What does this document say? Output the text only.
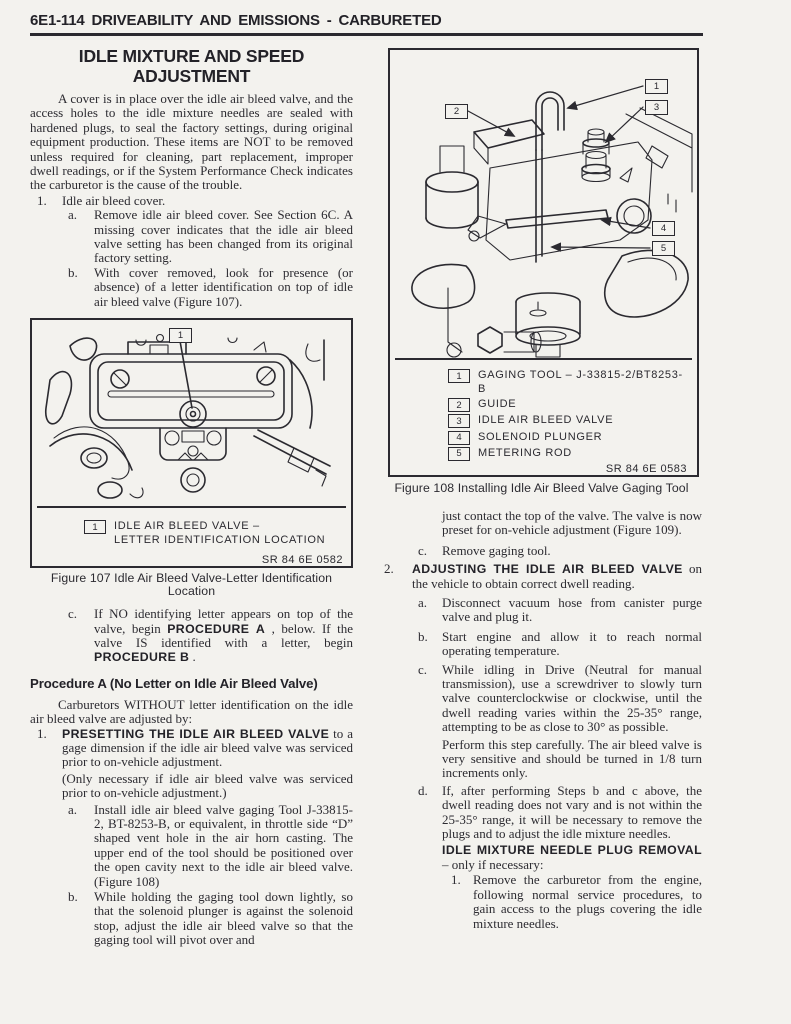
6E1-114 DRIVEABILITY AND EMISSIONS - CARBURETED
IDLE MIXTURE AND SPEED
ADJUSTMENT

A cover is in place over the idle air bleed valve, and the access holes to the idle mixture needles are sealed with hardened plugs, to seal the factory settings, during original equipment production. These items are NOT to be removed unless required for cleaning, part replacement, improper dwell readings, or if the System Performance Check indicates the carburetor is the cause of the trouble.

1. Idle air bleed cover.
a. Remove idle air bleed cover. See Section 6C. A missing cover indicates that the idle air bleed valve setting has been changed from its original factory setting.
b. With cover removed, look for presence (or absence) of a letter identification on top of idle air bleed valve (Figure 107).
1
1	IDLE AIR BLEED VALVE –
LETTER IDENTIFICATION LOCATION
SR 84 6E 0582
Figure 107 Idle Air Bleed Valve-Letter Identification
Location
c. If NO identifying letter appears on top of the valve, begin PROCEDURE A , below. If the valve IS identified with a letter, begin PROCEDURE B .
Procedure A (No Letter on Idle Air Bleed Valve)

Carburetors WITHOUT letter identification on the idle air bleed valve are adjusted by:

1. PRESETTING THE IDLE AIR BLEED VALVE to a gage dimension if the idle air bleed valve was serviced prior to on-vehicle adjustment.

(Only necessary if idle air bleed valve was serviced prior to on-vehicle adjustment.)

a. Install idle air bleed valve gaging Tool J-33815-2, BT-8253-B, or equivalent, in throttle side “D” shaped vent hole in the air horn casting. The upper end of the tool should be positioned over the open cavity next to the idle air bleed valve. (Figure 108)
b. While holding the gaging tool down lightly, so that the solenoid plunger is against the solenoid stop, adjust the idle air bleed valve so that the gaging tool will pivot over and
1
2	3
4
5
1	GAGING TOOL – J-33815-2/BT8253-B
2	GUIDE
3	IDLE AIR BLEED VALVE
4	SOLENOID PLUNGER
5	METERING ROD
SR 84 6E 0583
Figure 108 Installing Idle Air Bleed Valve Gaging Tool

just contact the top of the valve. The valve is now preset for on-vehicle adjustment (Figure 109).

c. Remove gaging tool.
2. ADJUSTING THE IDLE AIR BLEED VALVE on the vehicle to obtain correct dwell reading.
a. Disconnect vacuum hose from canister purge valve and plug it.
b. Start engine and allow it to reach normal operating temperature.
c. While idling in Drive (Neutral for manual transmission), use a screwdriver to slowly turn valve counterclockwise or clockwise, until the dwell reading varies within the 25-35° range, attempting to be as close to 30° as possible.

Perform this step carefully. The air bleed valve is very sensitive and should be turned in 1/8 turn increments only.

d. If, after performing Steps b and c above, the dwell reading does not vary and is not within the 25-35° range, it will be necessary to remove the plugs and to adjust the idle mixture needles.

IDLE MIXTURE NEEDLE PLUG REMOVAL – only if necessary:

1. Remove the carburetor from the engine, following normal service procedures, to gain access to the plugs covering the idle mixture needles.
